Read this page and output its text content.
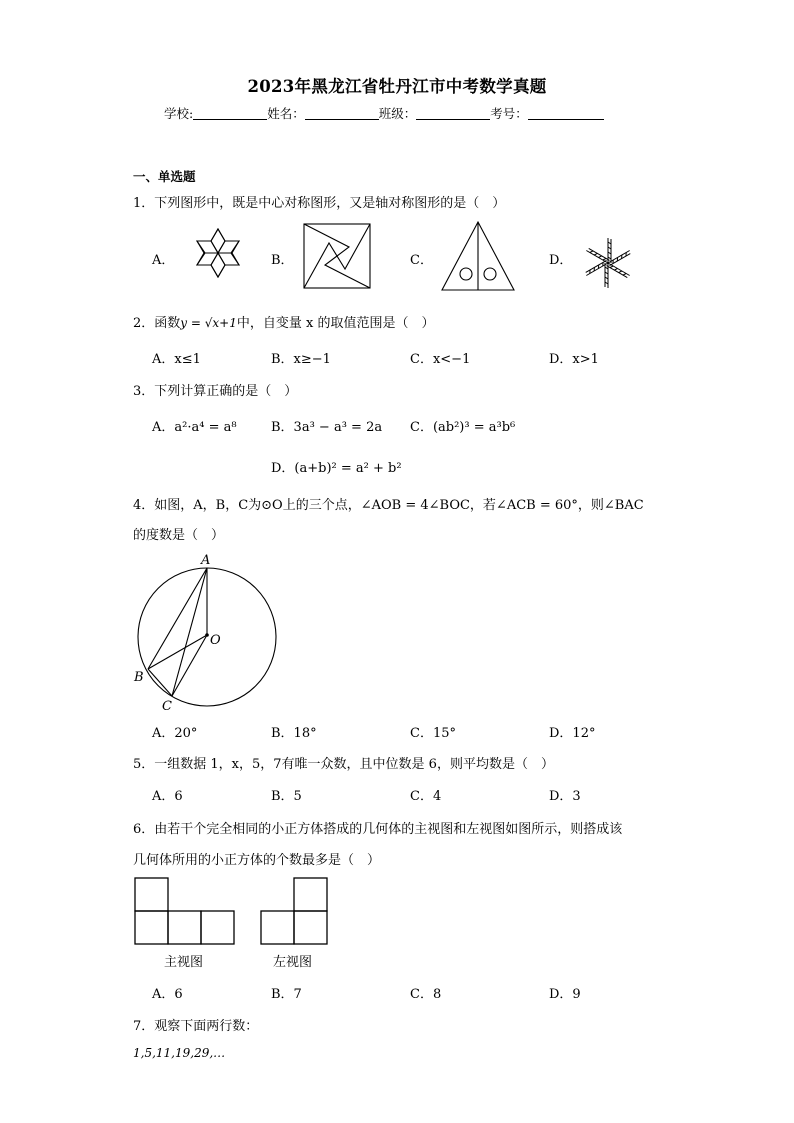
2023年黑龙江省牡丹江市中考数学真题
学校:	姓名：	班级：	考号：
一、单选题
1．下列图形中，既是中心对称图形，又是轴对称图形的是（　）
A．	B．	C．	D．
2．函数y = √x+1中，自变量 x 的取值范围是（　）
A．x≤1	B．x≥−1	C．x<−1	D．x>1
3．下列计算正确的是（　）
A．a²·a⁴ = a⁸	B．3a³ − a³ = 2a C．(ab²)³ = a³b⁶
D．(a+b)² = a² + b²
4．如图，A，B，C为⊙O上的三个点，∠AOB = 4∠BOC，若∠ACB = 60°，则∠BAC
的度数是（　）
A
O
B
C
A．20°	B．18°	C．15°	D．12°
5．一组数据 1，x，5，7有唯一众数，且中位数是 6，则平均数是（　）
A．6	B．5	C．4	D．3
6．由若干个完全相同的小正方体搭成的几何体的主视图和左视图如图所示，则搭成该
几何体所用的小正方体的个数最多是（　）
主视图	左视图
A．6	B．7	C．8	D．9
7．观察下面两行数：
1,5,11,19,29,…
